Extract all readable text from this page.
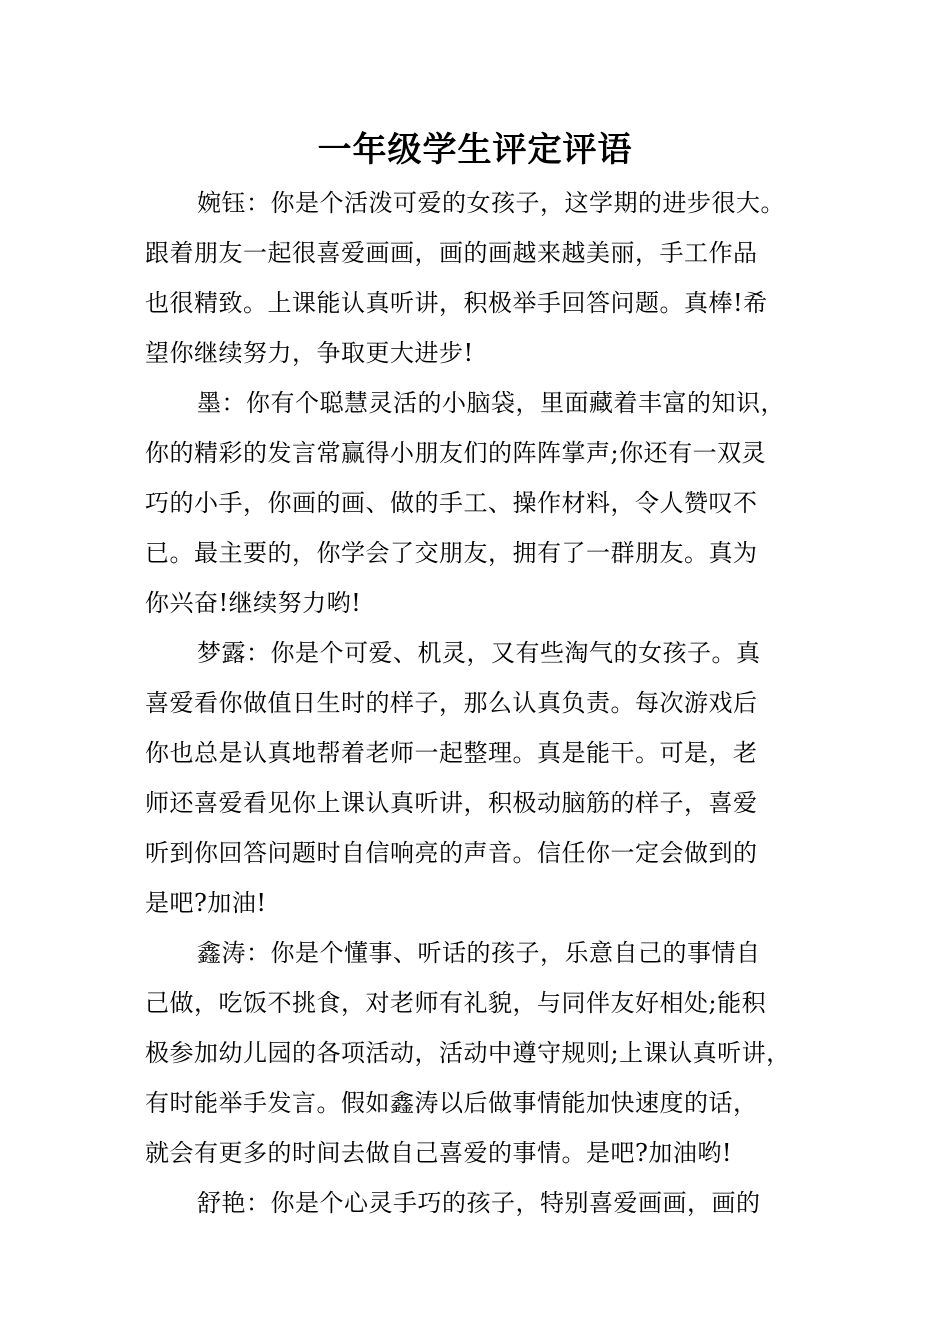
一年级学生评定评语
婉钰：你是个活泼可爱的女孩子，这学期的进步很大。
跟着朋友一起很喜爱画画，画的画越来越美丽，手工作品
也很精致。上课能认真听讲，积极举手回答问题。真棒!希
望你继续努力，争取更大进步!
墨：你有个聪慧灵活的小脑袋，里面藏着丰富的知识，
你的精彩的发言常赢得小朋友们的阵阵掌声;你还有一双灵
巧的小手，你画的画、做的手工、操作材料，令人赞叹不
已。最主要的，你学会了交朋友，拥有了一群朋友。真为
你兴奋!继续努力哟!
梦露：你是个可爱、机灵，又有些淘气的女孩子。真
喜爱看你做值日生时的样子，那么认真负责。每次游戏后
你也总是认真地帮着老师一起整理。真是能干。可是，老
师还喜爱看见你上课认真听讲，积极动脑筋的样子，喜爱
听到你回答问题时自信响亮的声音。信任你一定会做到的
是吧?加油!
鑫涛：你是个懂事、听话的孩子，乐意自己的事情自
己做，吃饭不挑食，对老师有礼貌，与同伴友好相处;能积
极参加幼儿园的各项活动，活动中遵守规则;上课认真听讲，
有时能举手发言。假如鑫涛以后做事情能加快速度的话，
就会有更多的时间去做自己喜爱的事情。是吧?加油哟!
舒艳：你是个心灵手巧的孩子，特别喜爱画画，画的
